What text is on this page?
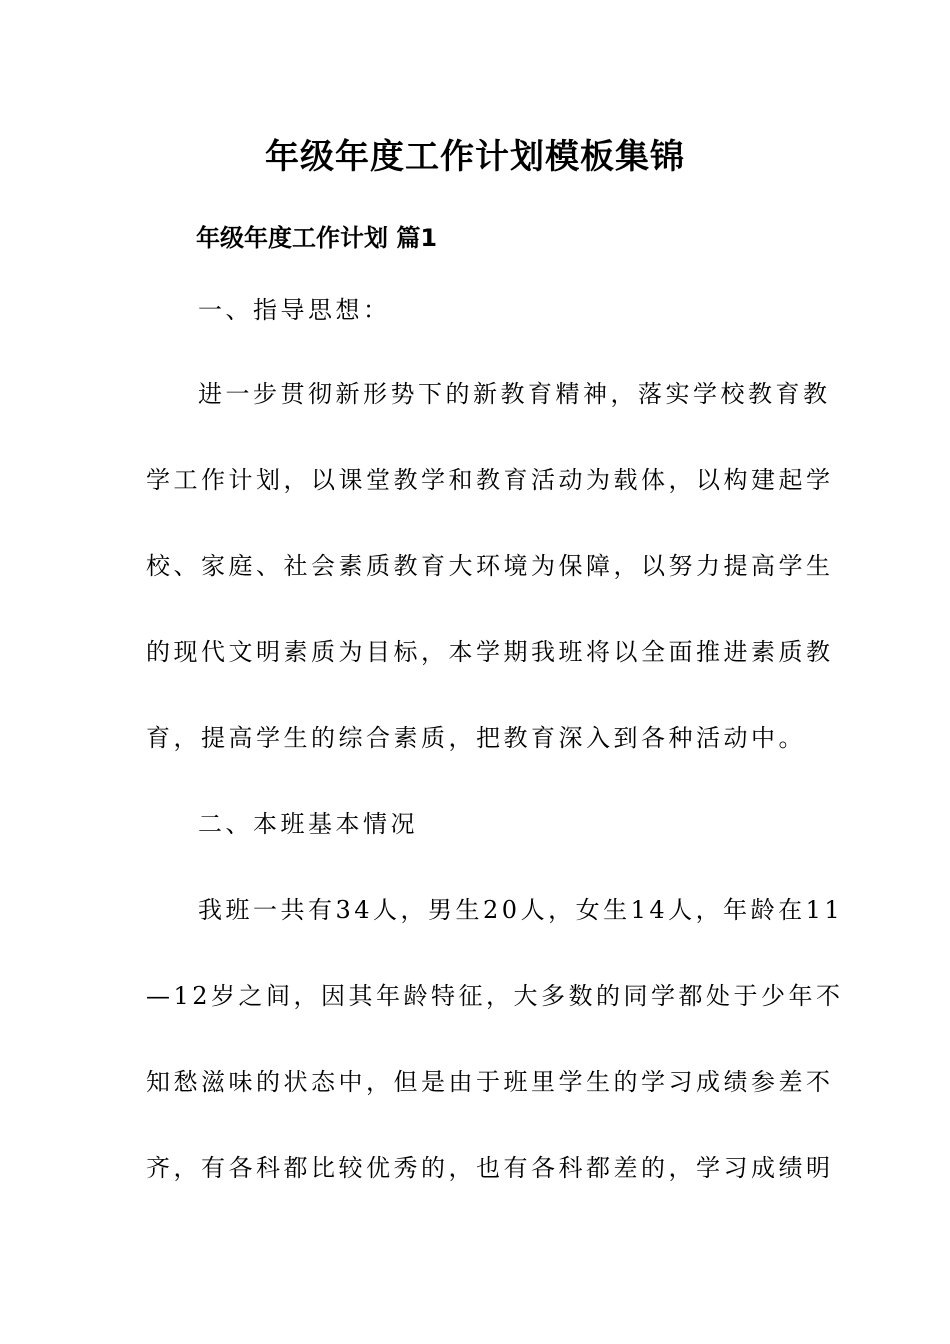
年级年度工作计划模板集锦
年级年度工作计划 篇1
一、指导思想：
进一步贯彻新形势下的新教育精神，落实学校教育教
学工作计划，以课堂教学和教育活动为载体，以构建起学
校、家庭、社会素质教育大环境为保障，以努力提高学生
的现代文明素质为目标，本学期我班将以全面推进素质教
育，提高学生的综合素质，把教育深入到各种活动中。
二、本班基本情况
我班一共有34人，男生20人，女生14人，年龄在11
—12岁之间，因其年龄特征，大多数的同学都处于少年不
知愁滋味的状态中，但是由于班里学生的学习成绩参差不
齐，有各科都比较优秀的，也有各科都差的，学习成绩明
